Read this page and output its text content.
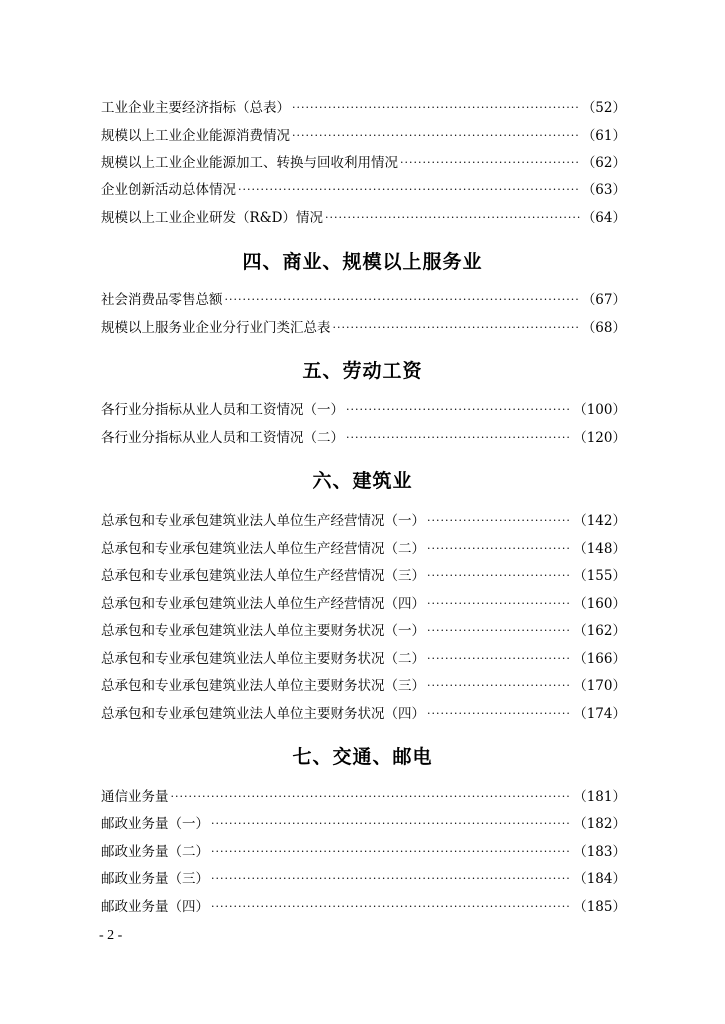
工业企业主要经济指标（总表） ·····	（52）
规模以上工业企业能源消费情况 ·····	（61）
规模以上工业企业能源加工、转换与回收利用情况 ·····	（62）
企业创新活动总体情况 ·····	（63）
规模以上工业企业研发（R&D）情况 ·····	（64）
四、商业、规模以上服务业
社会消费品零售总额 ·····	（67）
规模以上服务业企业分行业门类汇总表 ·····	（68）
五、劳动工资
各行业分指标从业人员和工资情况（一） ·····	（100）
各行业分指标从业人员和工资情况（二） ·····	（120）
六、建筑业
总承包和专业承包建筑业法人单位生产经营情况（一） ·····	（142）
总承包和专业承包建筑业法人单位生产经营情况（二） ·····	（148）
总承包和专业承包建筑业法人单位生产经营情况（三） ·····	（155）
总承包和专业承包建筑业法人单位生产经营情况（四） ·····	（160）
总承包和专业承包建筑业法人单位主要财务状况（一） ·····	（162）
总承包和专业承包建筑业法人单位主要财务状况（二） ·····	（166）
总承包和专业承包建筑业法人单位主要财务状况（三） ·····	（170）
总承包和专业承包建筑业法人单位主要财务状况（四） ·····	（174）
七、交通、邮电
通信业务量 ·····	（181）
邮政业务量（一） ·····	（182）
邮政业务量（二） ·····	（183）
邮政业务量（三） ·····	（184）
邮政业务量（四） ·····	（185）
- 2 -
